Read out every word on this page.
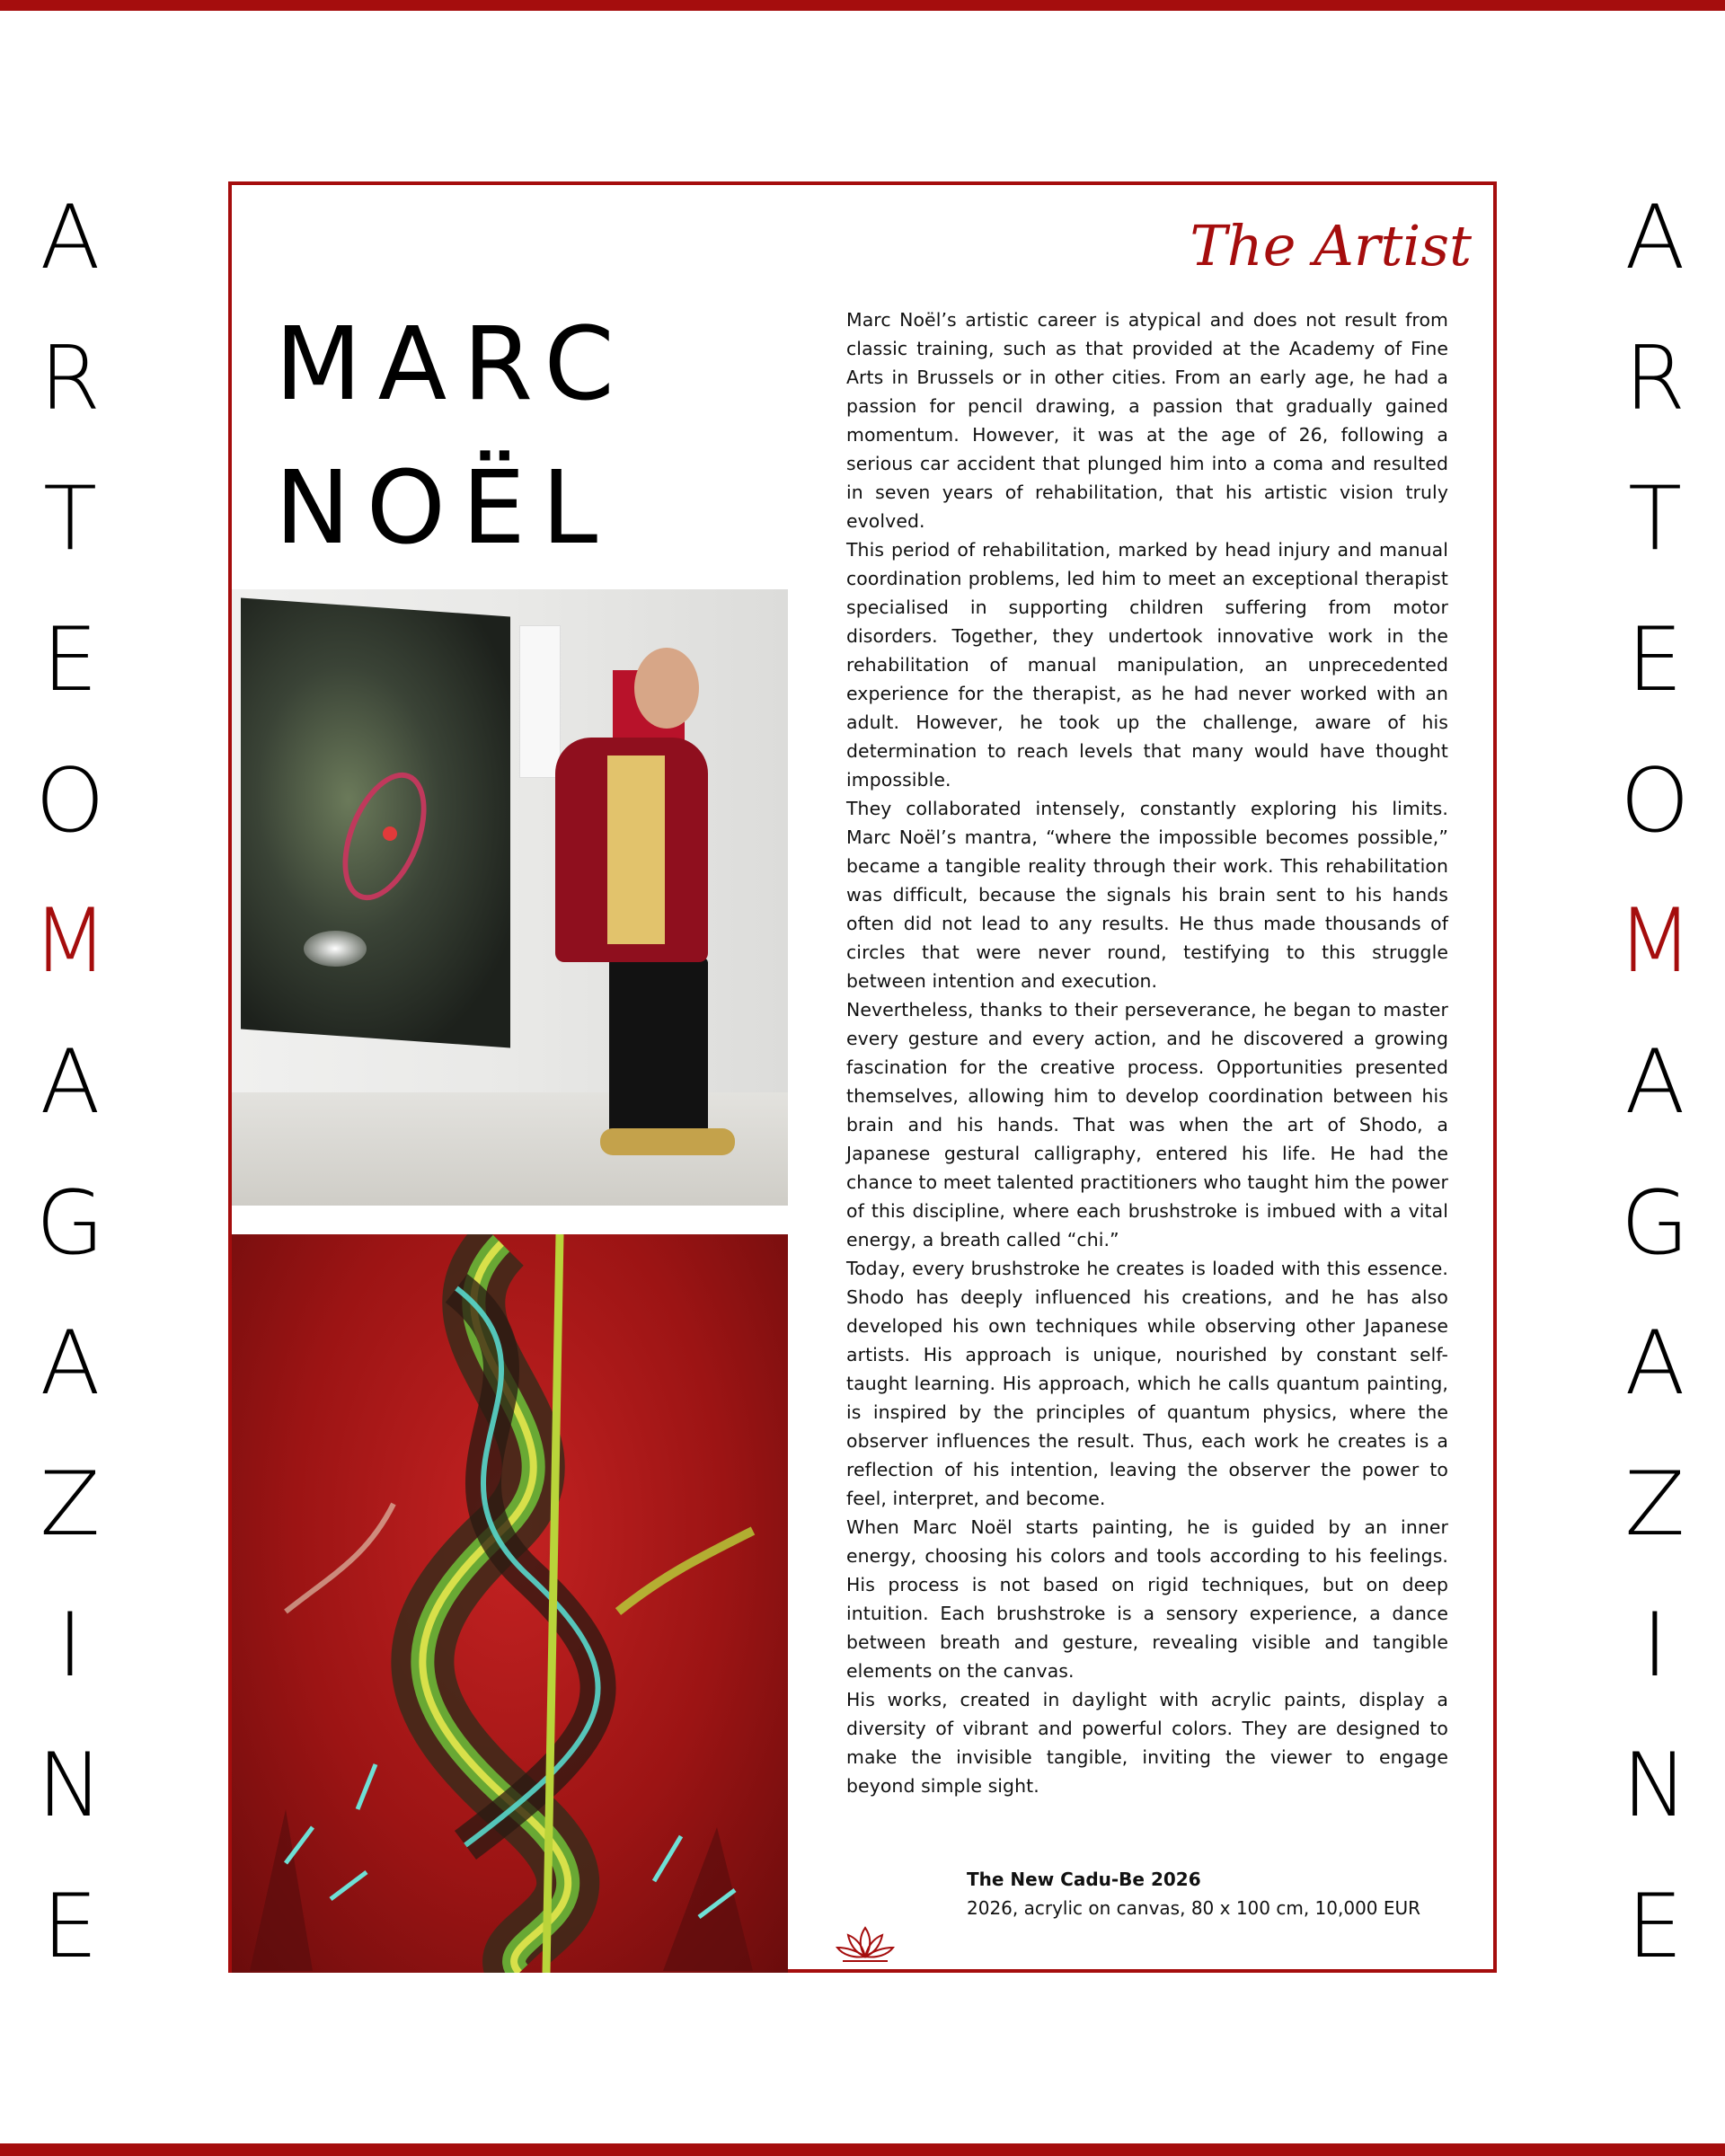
A
R
T
E
O
M
A
G
A
Z
I
N
E
A
R
T
E
O
M
A
G
A
Z
I
N
E
The Artist
MARC
NOËL

Marc Noël’s artistic career is atypical and does not result from classic training, such as that provided at the Academy of Fine Arts in Brussels or in other cities. From an early age, he had a passion for pencil drawing, a passion that gradually gained momentum. However, it was at the age of 26, following a serious car accident that plunged him into a coma and resulted in seven years of rehabilitation, that his artistic vision truly evolved.

This period of rehabilitation, marked by head injury and manual coordination problems, led him to meet an exceptional therapist specialised in supporting children suffering from motor disorders. Together, they undertook innovative work in the rehabilitation of manual manipulation, an unprecedented experience for the therapist, as he had never worked with an adult. However, he took up the challenge, aware of his determination to reach levels that many would have thought impossible.

They collaborated intensely, constantly exploring his limits. Marc Noël’s mantra, “where the impossible becomes possible,” became a tangible reality through their work. This rehabilitation was difficult, because the signals his brain sent to his hands often did not lead to any results. He thus made thousands of circles that were never round, testifying to this struggle between intention and execution.

Nevertheless, thanks to their perseverance, he began to master every gesture and every action, and he discovered a growing fascination for the creative process. Opportunities presented themselves, allowing him to develop coordination between his brain and his hands. That was when the art of Shodo, a Japanese gestural calligraphy, entered his life. He had the chance to meet talented practitioners who taught him the power of this discipline, where each brushstroke is imbued with a vital energy, a breath called “chi.”

Today, every brushstroke he creates is loaded with this essence. Shodo has deeply influenced his creations, and he has also developed his own techniques while observing other Japanese artists. His approach is unique, nourished by constant self-taught learning. His approach, which he calls quantum painting, is inspired by the principles of quantum physics, where the observer influences the result. Thus, each work he creates is a reflection of his intention, leaving the observer the power to feel, interpret, and become.

When Marc Noël starts painting, he is guided by an inner energy, choosing his colors and tools according to his feelings. His process is not based on rigid techniques, but on deep intuition. Each brushstroke is a sensory experience, a dance between breath and gesture, revealing visible and tangible elements on the canvas.

His works, created in daylight with acrylic paints, display a diversity of vibrant and powerful colors. They are designed to make the invisible tangible, inviting the viewer to engage beyond simple sight.

The New Cadu-Be 2026
2026, acrylic on canvas, 80 x 100 cm, 10,000 EUR
